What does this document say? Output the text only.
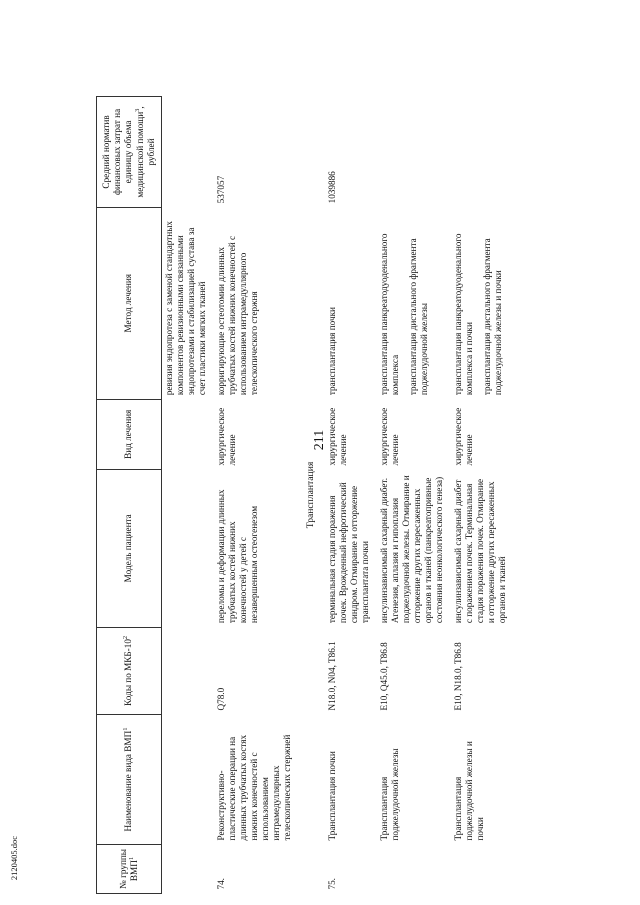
211
2120405.doc	№ группы ВМП$^1$	Наименование вида ВМП$^1$	Коды по МКБ-$10^2$	Модель пациента	Вид лечения	Метод лечения	Средний норматив финансовых затрат на единицу объема медицинской помощи$^3$, рублей
					ревизия эндопротеза с заменой стандартных компонентов ревизионными связанными эндопротезами и стабилизацией сустава за счет пластики мягких тканей	
74.	Реконструктивно-пластические операции на длинных трубчатых костях нижних конечностей с использованием интрамедуллярных телескопических стержней	Q78.0	переломы и деформации длинных трубчатых костей нижних конечностей у детей с незавершенным остеогенезом	хирургическое лечение	корригирующие остеотомии длинных трубчатых костей нижних конечностей с использованием интрамедуллярного телескопического стержня	537057
Трансплантация						
75.	Трансплантация почки	N18.0, N04, T86.1	терминальная стадия поражения почек. Врожденный нефротический синдром. Отмирание и отторжение трансплантата почки	хирургическое лечение	трансплантация почки	1039886
	Трансплантация поджелудочной железы	E10, Q45.0, T86.8	инсулинзависимый сахарный диабет. Агенезия, аплазия и гипоплазия поджелудочной железы. Отмирание и отторжение других пересаженных органов и тканей (панкреатопривные состояния неонкологического генеза)	хирургическое лечение	трансплантация панкреатодуоденального комплекса трансплантация дистального фрагмента поджелудочной железы	

	Трансплантация поджелудочной железы и почки	E10, N18.0, T86.8	инсулинзависимый сахарный диабет с поражением почек. Терминальная стадия поражения почек. Отмирание и отторжение других пересаженных органов и тканей	хирургическое лечение	трансплантация панкреатодуоденального комплекса и почки трансплантация дистального фрагмента поджелудочной железы и почки	
